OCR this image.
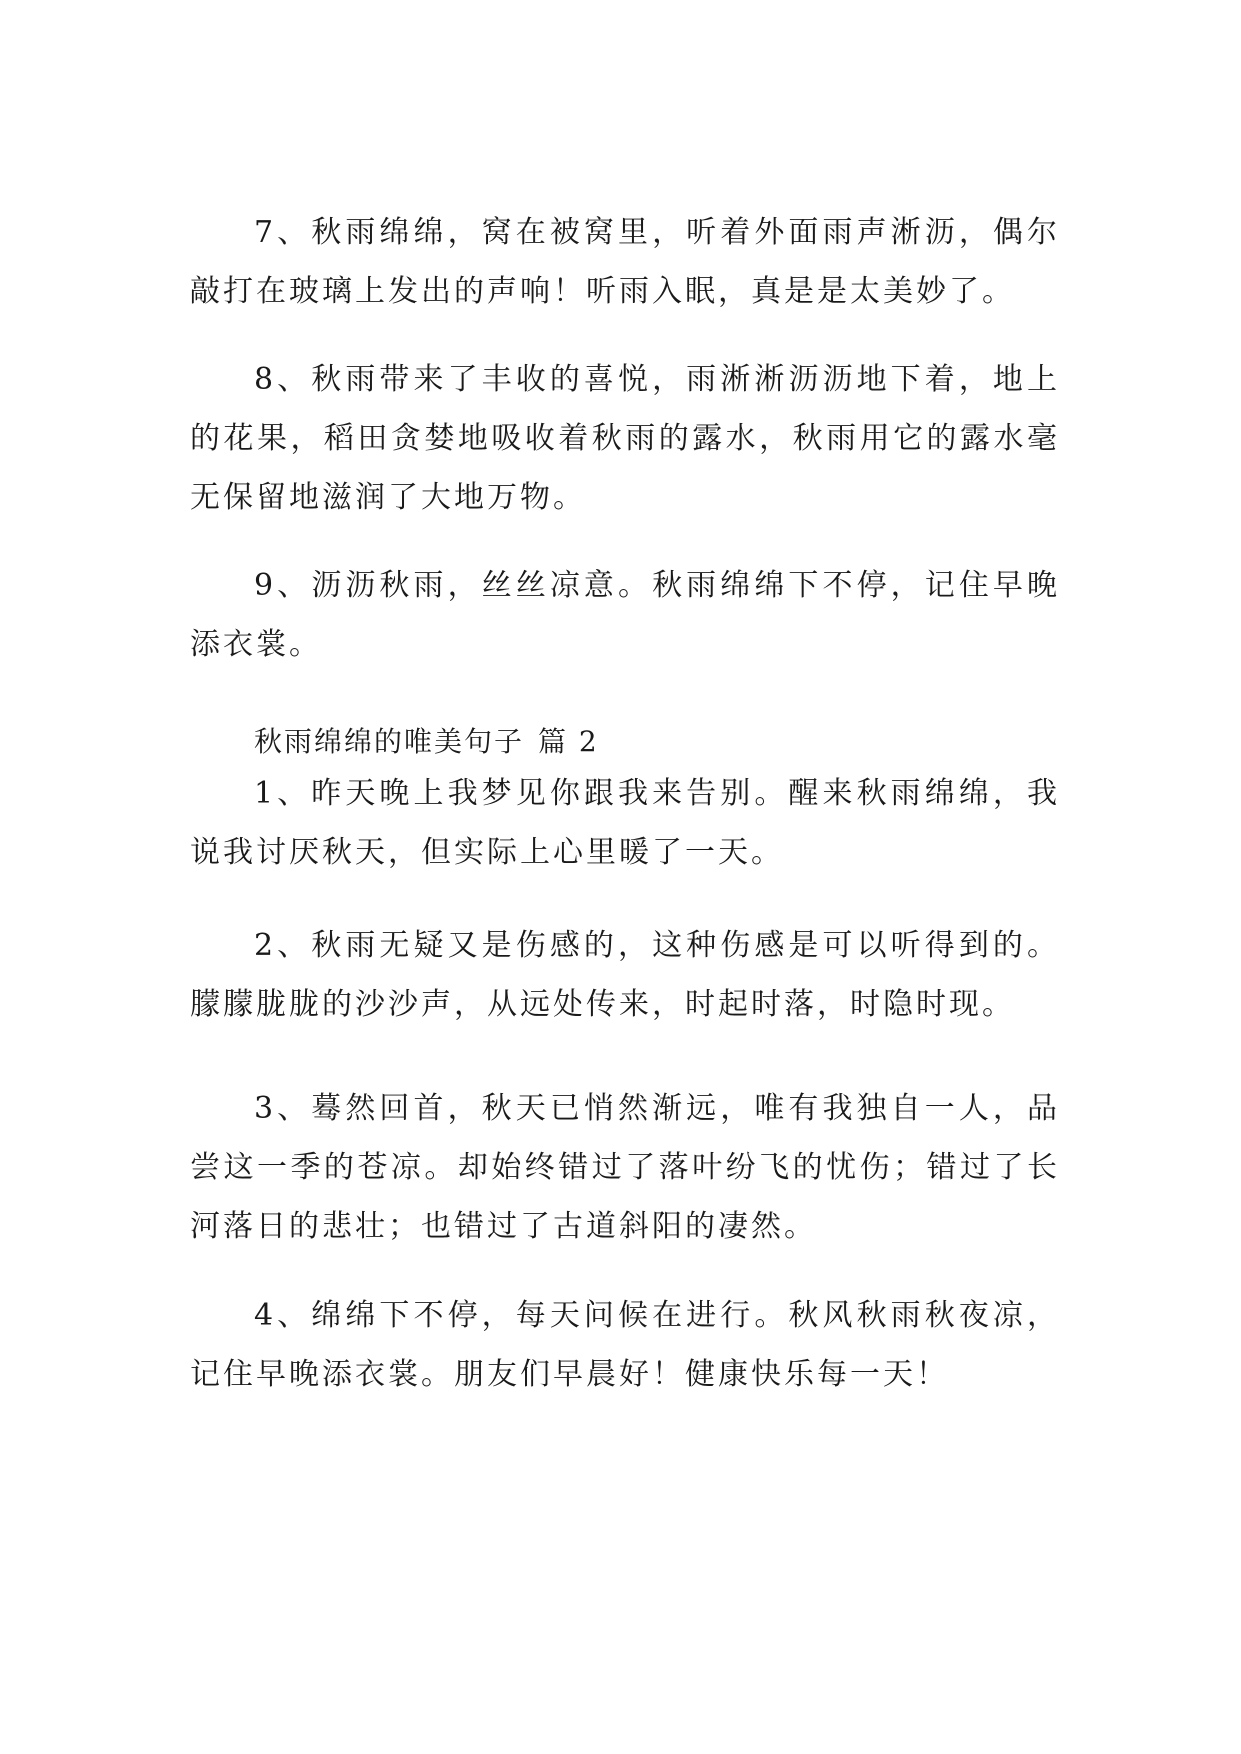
7、秋雨绵绵，窝在被窝里，听着外面雨声淅沥，偶尔敲打在玻璃上发出的声响！听雨入眠，真是是太美妙了。

8、秋雨带来了丰收的喜悦，雨淅淅沥沥地下着，地上的花果，稻田贪婪地吸收着秋雨的露水，秋雨用它的露水毫无保留地滋润了大地万物。

9、沥沥秋雨，丝丝凉意。秋雨绵绵下不停，记住早晚添衣裳。

秋雨绵绵的唯美句子 篇 2

1、昨天晚上我梦见你跟我来告别。醒来秋雨绵绵，我说我讨厌秋天，但实际上心里暖了一天。

2、秋雨无疑又是伤感的，这种伤感是可以听得到的。朦朦胧胧的沙沙声，从远处传来，时起时落，时隐时现。

3、蓦然回首，秋天已悄然渐远，唯有我独自一人，品尝这一季的苍凉。却始终错过了落叶纷飞的忧伤；错过了长河落日的悲壮；也错过了古道斜阳的凄然。

4、绵绵下不停，每天问候在进行。秋风秋雨秋夜凉，记住早晚添衣裳。朋友们早晨好！健康快乐每一天！
